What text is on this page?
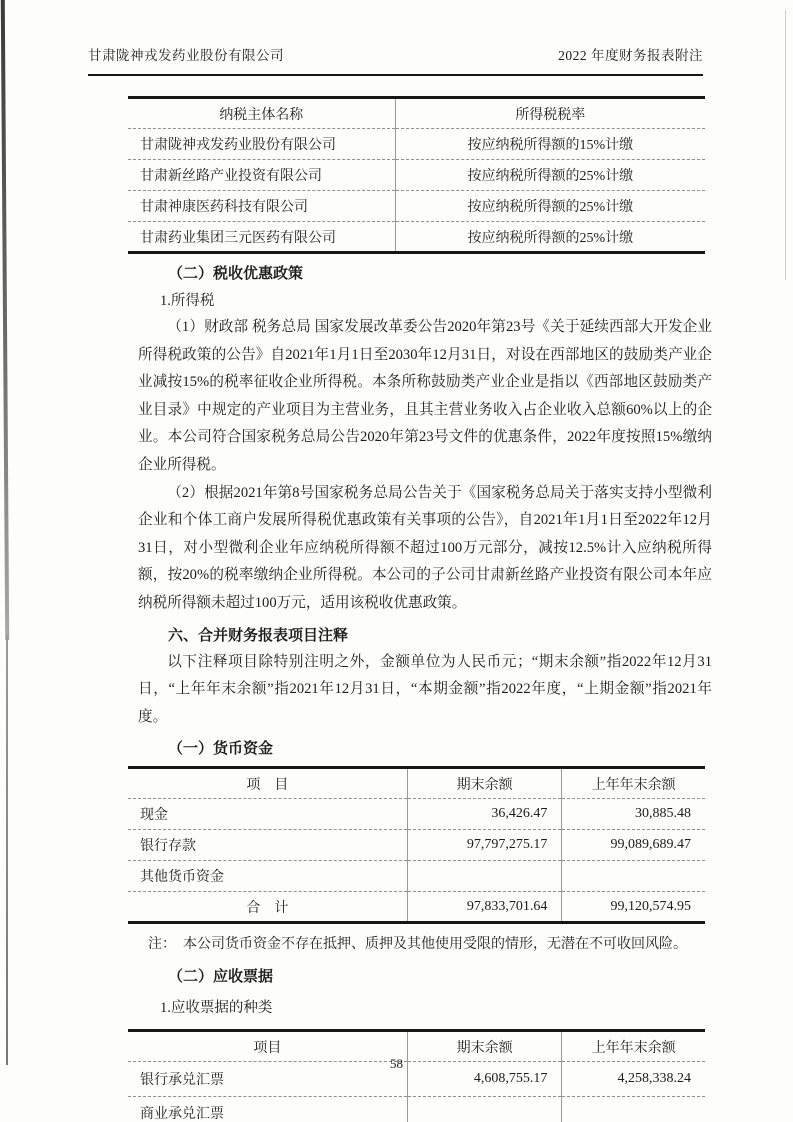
甘肃陇神戎发药业股份有限公司	2022 年度财务报表附注
纳税主体名称	所得税税率
甘肃陇神戎发药业股份有限公司	按应纳税所得额的15%计缴
甘肃新丝路产业投资有限公司	按应纳税所得额的25%计缴
甘肃神康医药科技有限公司	按应纳税所得额的25%计缴
甘肃药业集团三元医药有限公司	按应纳税所得额的25%计缴
（二）税收优惠政策
1.所得税
（1）财政部 税务总局 国家发展改革委公告2020年第23号《关于延续西部大开发企业所得税政策的公告》自2021年1月1日至2030年12月31日，对设在西部地区的鼓励类产业企业减按15%的税率征收企业所得税。本条所称鼓励类产业企业是指以《西部地区鼓励类产业目录》中规定的产业项目为主营业务，且其主营业务收入占企业收入总额60%以上的企业。本公司符合国家税务总局公告2020年第23号文件的优惠条件，2022年度按照15%缴纳企业所得税。
（2）根据2021年第8号国家税务总局公告关于《国家税务总局关于落实支持小型微利企业和个体工商户发展所得税优惠政策有关事项的公告》，自2021年1月1日至2022年12月31日，对小型微利企业年应纳税所得额不超过100万元部分，减按12.5%计入应纳税所得额，按20%的税率缴纳企业所得税。本公司的子公司甘肃新丝路产业投资有限公司本年应纳税所得额未超过100万元，适用该税收优惠政策。
六、合并财务报表项目注释
以下注释项目除特别注明之外，金额单位为人民币元；“期末余额”指2022年12月31日，“上年年末余额”指2021年12月31日，“本期金额”指2022年度，“上期金额”指2021年度。
（一）货币资金
项　目	期末余额	上年年末余额
现金	36,426.47	30,885.48
银行存款	97,797,275.17	99,089,689.47
其他货币资金		
合　计	97,833,701.64	99,120,574.95
注：　本公司货币资金不存在抵押、质押及其他使用受限的情形，无潜在不可收回风险。
（二）应收票据
1.应收票据的种类
项目	期末余额	上年年末余额
银行承兑汇票	4,608,755.17	4,258,338.24
商业承兑汇票		
58
